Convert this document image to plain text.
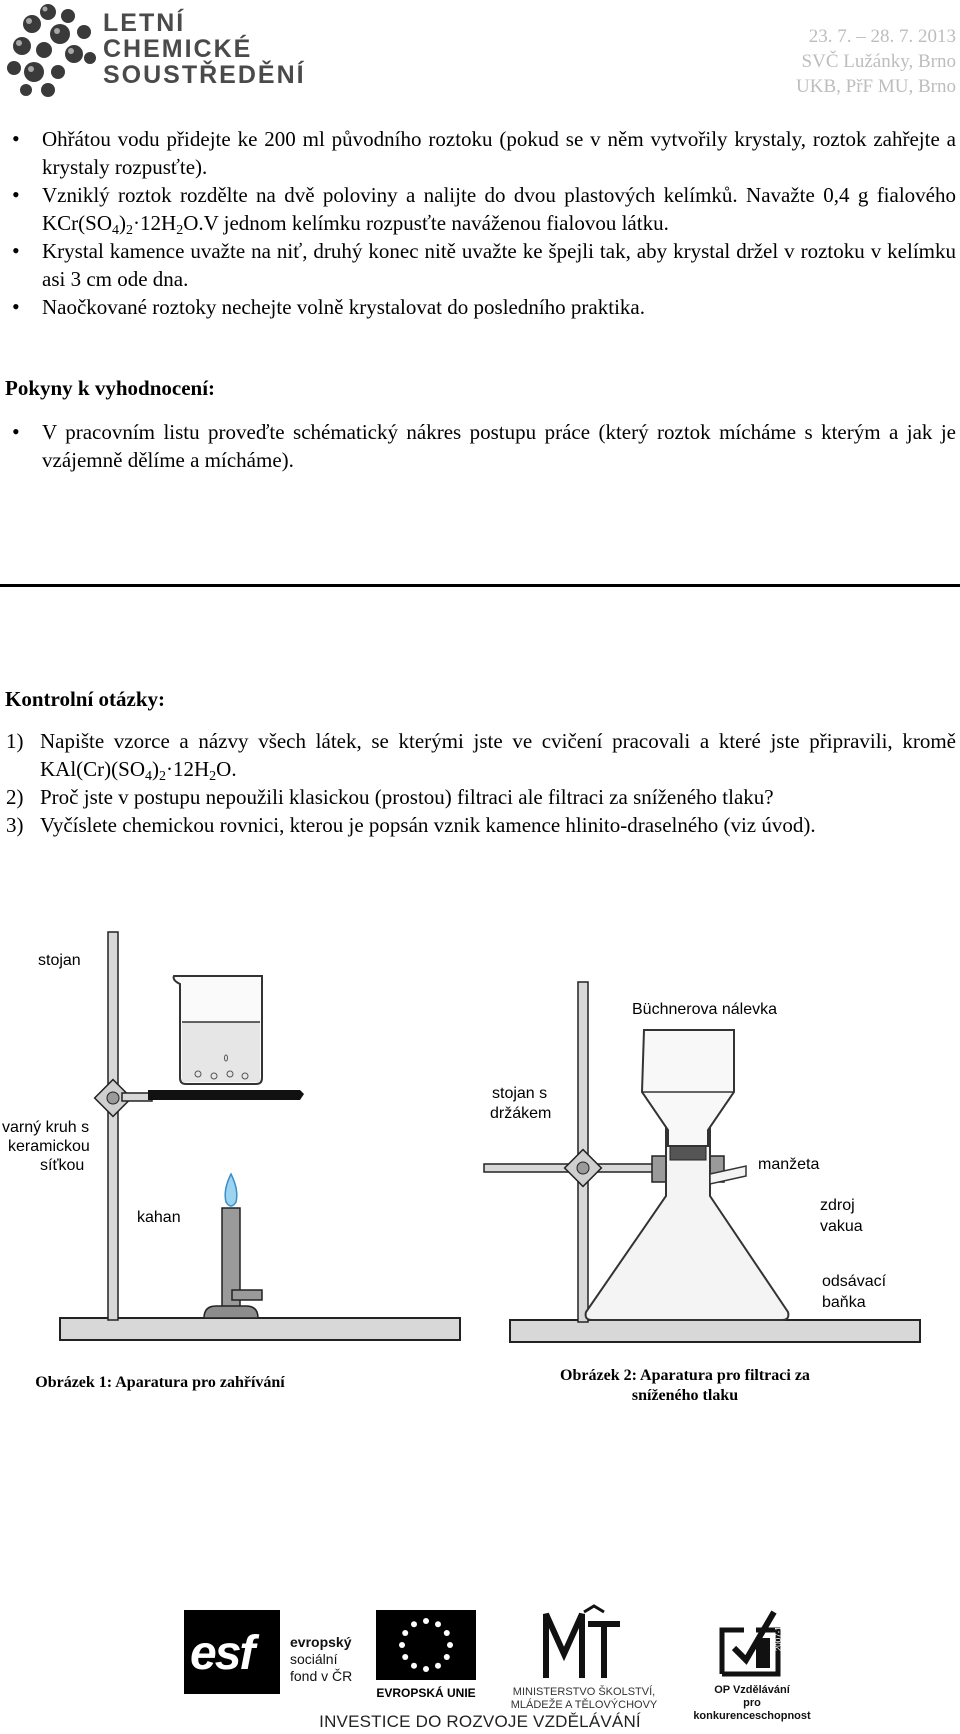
LETNÍ
CHEMICKÉ
SOUSTŘEDĚNÍ
23. 7. – 28. 7. 2013
SVČ Lužánky, Brno
UKB, PřF MU, Brno
• Ohřátou vodu přidejte ke 200 ml původního roztoku (pokud se v něm vytvořily krystaly, roztok zahřejte a krystaly rozpusťte).
• Vzniklý roztok rozdělte na dvě poloviny a nalijte do dvou plastových kelímků. Navažte 0,4 g fialového $KCr(SO_4)_2\cdot 12H_2O.V$ jednom kelímku rozpusťte naváženou fialovou látku.
• Krystal kamence uvažte na niť, druhý konec nitě uvažte ke špejli tak, aby krystal držel v roztoku v kelímku asi 3 cm ode dna.
• Naočkované roztoky nechejte volně krystalovat do posledního praktika.
Pokyny k vyhodnocení:
• V pracovním listu proveďte schématický nákres postupu práce (který roztok mícháme s kterým a jak je vzájemně dělíme a mícháme).
Kontrolní otázky:
1) Napište vzorce a názvy všech látek, se kterými jste ve cvičení pracovali a které jste připravili, kromě $KAl(Cr)(SO_4)_2\cdot 12H_2O$.
2) Proč jste v postupu nepoužili klasickou (prostou) filtraci ale filtraci za sníženého tlaku?
3) Vyčíslete chemickou rovnici, kterou je popsán vznik kamence hlinito-draselného (viz úvod).
stojan
varný kruh s
keramickou
síťkou
kahan
Obrázek 1: Aparatura pro zahřívání
Büchnerova nálevka
stojan s
držákem
manžeta
zdroj
vakua
odsávací
baňka
Obrázek 2: Aparatura pro filtraci za
sníženého tlaku
esf	evropský
sociální
fond v ČR
EVROPSKÁ UNIE	MINISTERSTVO ŠKOLSTVÍ,
MLÁDEŽE A TĚLOVÝCHOVY
2007-13
OP Vzdělávání
pro konkurenceschopnost
INVESTICE DO ROZVOJE VZDĚLÁVÁNÍ
